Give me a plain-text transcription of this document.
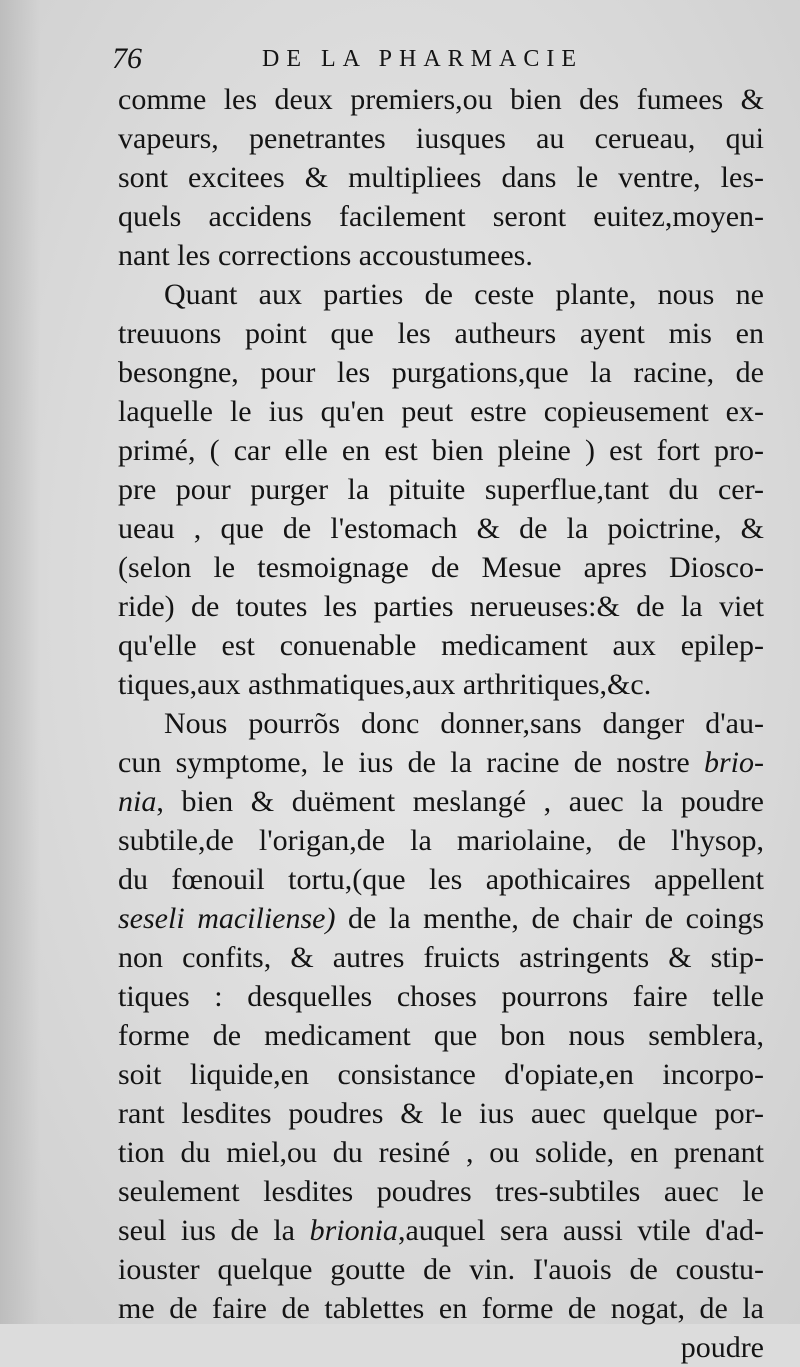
76	DE LA PHARMACIE
comme les deux premiers,ou bien des fumees &
vapeurs, penetrantes iusques au cerueau, qui
sont excitees & multipliees dans le ventre, les-
quels accidens facilement seront euitez,moyen-
nant les corrections accoustumees.
Quant aux parties de ceste plante, nous ne
treuuons point que les autheurs ayent mis en
besongne, pour les purgations,que la racine, de
laquelle le ius qu'en peut estre copieusement ex-
primé, ( car elle en est bien pleine ) est fort pro-
pre pour purger la pituite superflue,tant du cer-
ueau , que de l'estomach & de la poictrine, &
(selon le tesmoignage de Mesue apres Diosco-
ride) de toutes les parties nerueuses:& de la viet
qu'elle est conuenable medicament aux epilep-
tiques,aux asthmatiques,aux arthritiques,&c.
Nous pourrõs donc donner,sans danger d'au-
cun symptome, le ius de la racine de nostre brio-
nia, bien & duëment meslangé , auec la poudre
subtile,de l'origan,de la mariolaine, de l'hysop,
du fœnouil tortu,(que les apothicaires appellent
seseli maciliense) de la menthe, de chair de coings
non confits, & autres fruicts astringents & stip-
tiques : desquelles choses pourrons faire telle
forme de medicament que bon nous semblera,
soit liquide,en consistance d'opiate,en incorpo-
rant lesdites poudres & le ius auec quelque por-
tion du miel,ou du resiné , ou solide, en prenant
seulement lesdites poudres tres-subtiles auec le
seul ius de la brionia,auquel sera aussi vtile d'ad-
iouster quelque goutte de vin. I'auois de coustu-
me de faire de tablettes en forme de nogat, de la
poudre
